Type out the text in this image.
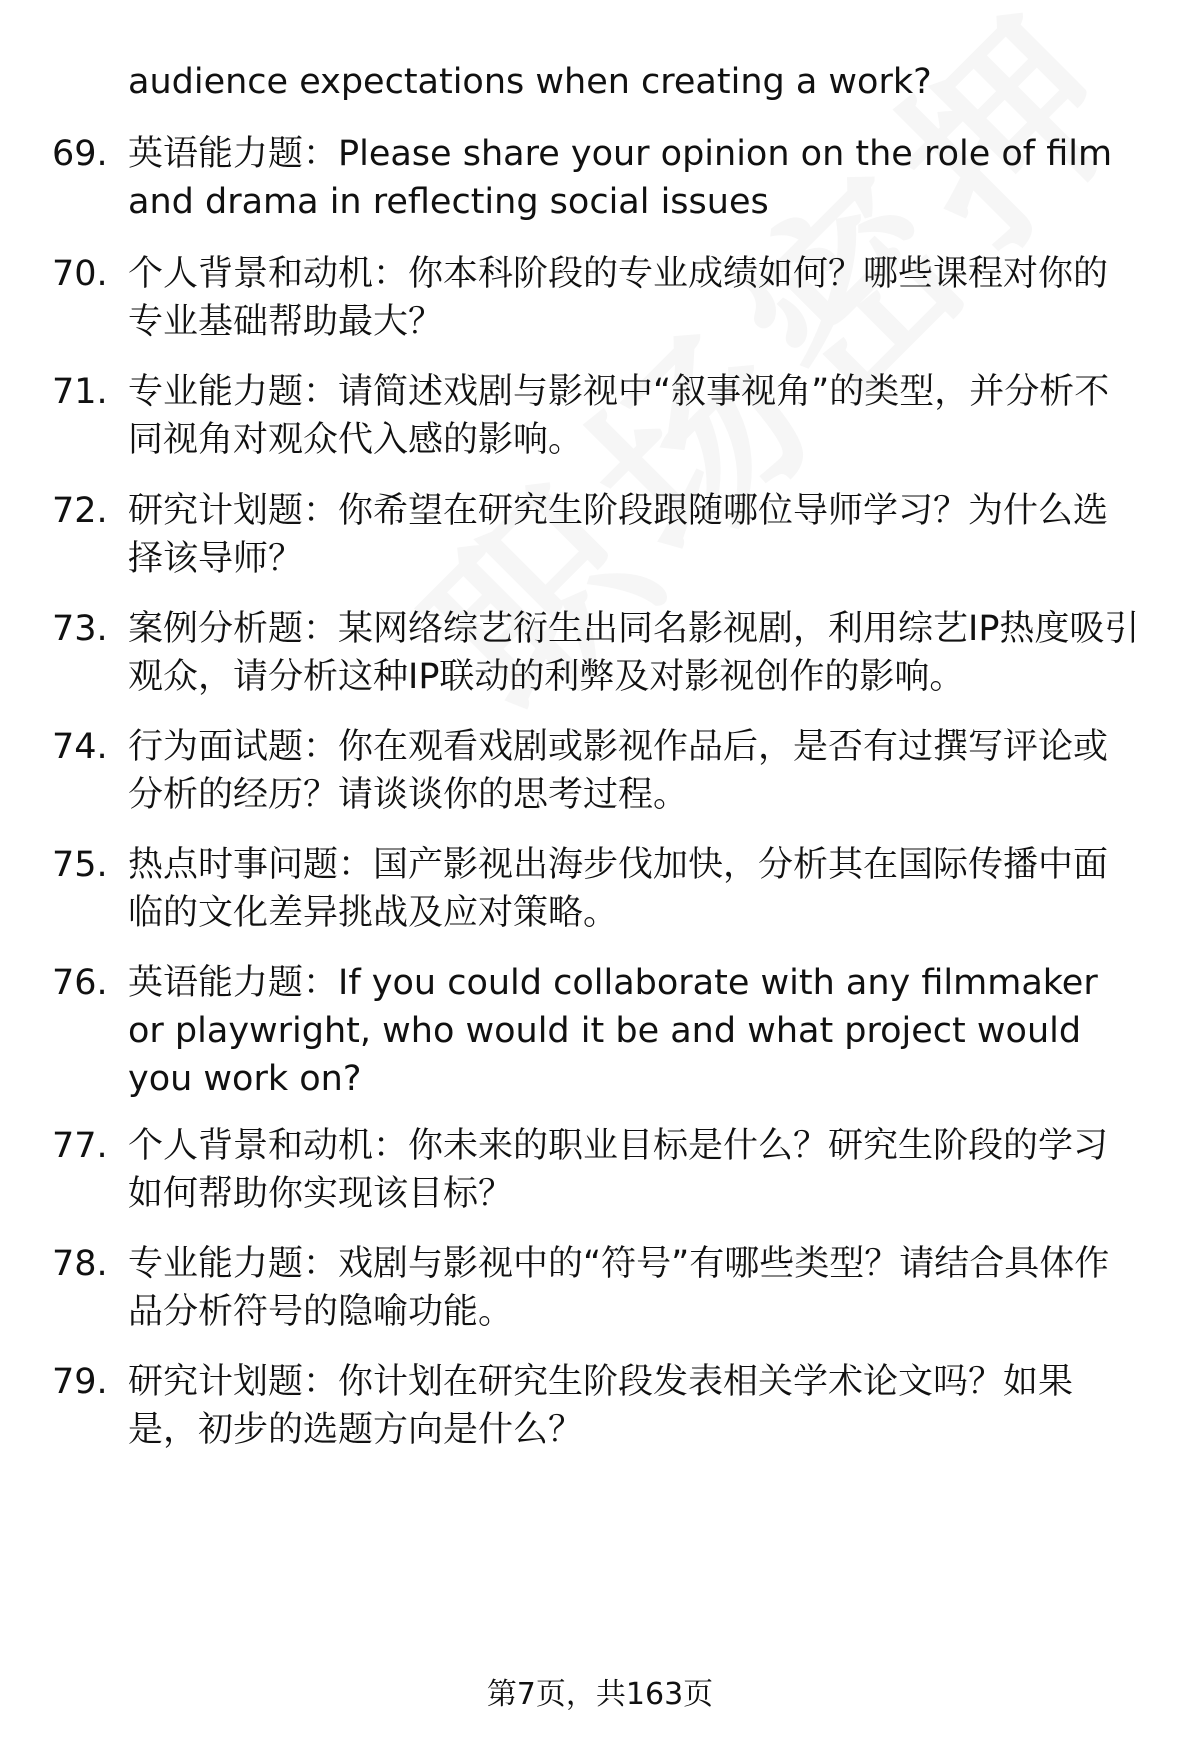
audience expectations when creating a work?
69. 英语能力题：Please share your opinion on the role of film and drama in reflecting social issues
70. 个人背景和动机：你本科阶段的专业成绩如何？哪些课程对你的专业基础帮助最大？
71. 专业能力题：请简述戏剧与影视中“叙事视角”的类型，并分析不同视角对观众代入感的影响。
72. 研究计划题：你希望在研究生阶段跟随哪位导师学习？为什么选择该导师？
73. 案例分析题：某网络综艺衍生出同名影视剧，利用综艺IP热度吸引观众，请分析这种IP联动的利弊及对影视创作的影响。
74. 行为面试题：你在观看戏剧或影视作品后，是否有过撰写评论或分析的经历？请谈谈你的思考过程。
75. 热点时事问题：国产影视出海步伐加快，分析其在国际传播中面临的文化差异挑战及应对策略。
76. 英语能力题：If you could collaborate with any filmmaker or playwright, who would it be and what project would you work on?
77. 个人背景和动机：你未来的职业目标是什么？研究生阶段的学习如何帮助你实现该目标？
78. 专业能力题：戏剧与影视中的“符号”有哪些类型？请结合具体作品分析符号的隐喻功能。
79. 研究计划题：你计划在研究生阶段发表相关学术论文吗？如果是，初步的选题方向是什么？
第7页，共163页
